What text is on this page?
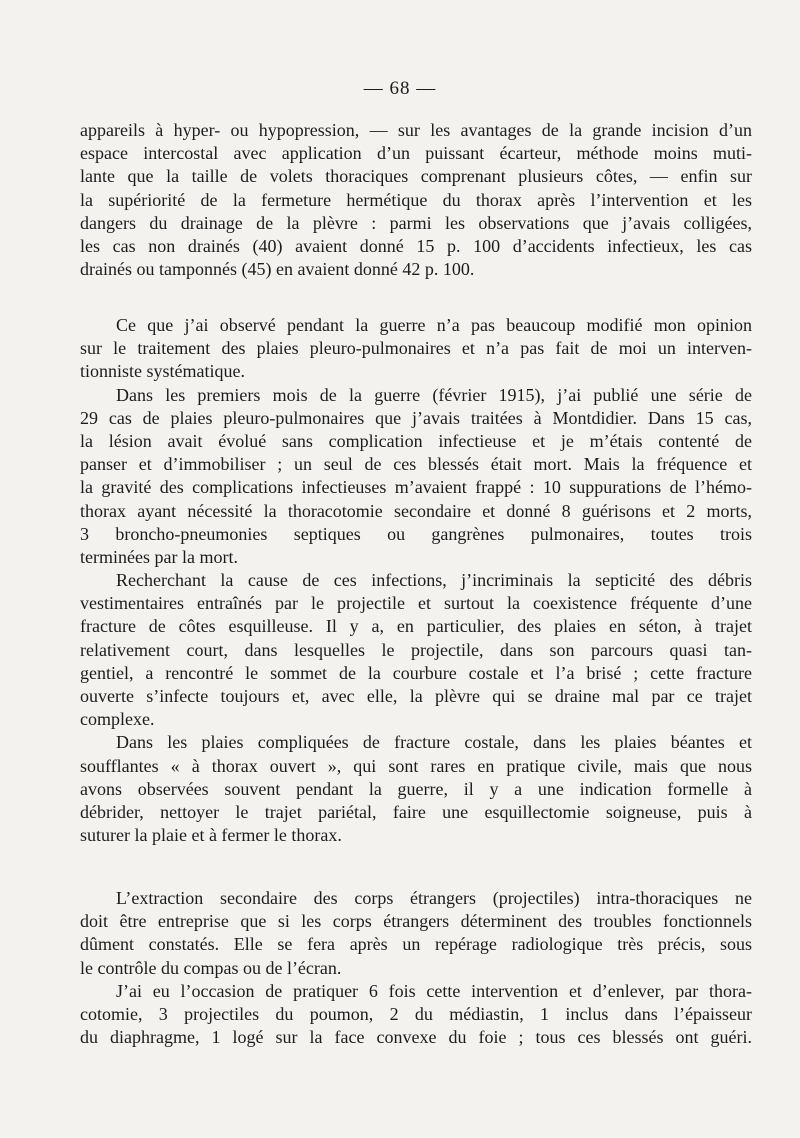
— 68 —
appareils à hyper- ou hypopression, — sur les avantages de la grande incision d’un
espace intercostal avec application d’un puissant écarteur, méthode moins muti-
lante que la taille de volets thoraciques comprenant plusieurs côtes, — enfin sur
la supériorité de la fermeture hermétique du thorax après l’intervention et les
dangers du drainage de la plèvre : parmi les observations que j’avais colligées,
les cas non drainés (40) avaient donné 15 p. 100 d’accidents infectieux, les cas
drainés ou tamponnés (45) en avaient donné 42 p. 100.
Ce que j’ai observé pendant la guerre n’a pas beaucoup modifié mon opinion
sur le traitement des plaies pleuro-pulmonaires et n’a pas fait de moi un interven-
tionniste systématique.
Dans les premiers mois de la guerre (février 1915), j’ai publié une série de
29 cas de plaies pleuro-pulmonaires que j’avais traitées à Montdidier. Dans 15 cas,
la lésion avait évolué sans complication infectieuse et je m’étais contenté de
panser et d’immobiliser ; un seul de ces blessés était mort. Mais la fréquence et
la gravité des complications infectieuses m’avaient frappé : 10 suppurations de l’hémo-
thorax ayant nécessité la thoracotomie secondaire et donné 8 guérisons et 2 morts,
3 broncho-pneumonies septiques ou gangrènes pulmonaires, toutes trois
terminées par la mort.
Recherchant la cause de ces infections, j’incriminais la septicité des débris
vestimentaires entraînés par le projectile et surtout la coexistence fréquente d’une
fracture de côtes esquilleuse. Il y a, en particulier, des plaies en séton, à trajet
relativement court, dans lesquelles le projectile, dans son parcours quasi tan-
gentiel, a rencontré le sommet de la courbure costale et l’a brisé ; cette fracture
ouverte s’infecte toujours et, avec elle, la plèvre qui se draine mal par ce trajet
complexe.
Dans les plaies compliquées de fracture costale, dans les plaies béantes et
soufflantes « à thorax ouvert », qui sont rares en pratique civile, mais que nous
avons observées souvent pendant la guerre, il y a une indication formelle à
débrider, nettoyer le trajet pariétal, faire une esquillectomie soigneuse, puis à
suturer la plaie et à fermer le thorax.
L’extraction secondaire des corps étrangers (projectiles) intra-thoraciques ne
doit être entreprise que si les corps étrangers déterminent des troubles fonctionnels
dûment constatés. Elle se fera après un repérage radiologique très précis, sous
le contrôle du compas ou de l’écran.
J’ai eu l’occasion de pratiquer 6 fois cette intervention et d’enlever, par thora-
cotomie, 3 projectiles du poumon, 2 du médiastin, 1 inclus dans l’épaisseur
du diaphragme, 1 logé sur la face convexe du foie ; tous ces blessés ont guéri.
